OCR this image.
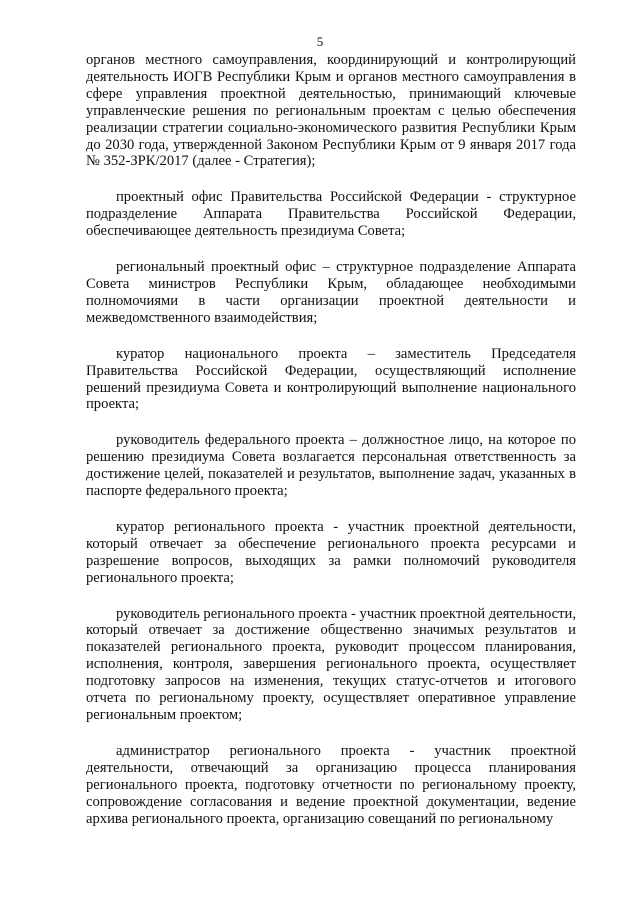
5

органов местного самоуправления, координирующий и контролирующий деятельность ИОГВ Республики Крым и органов местного самоуправления в сфере управления проектной деятельностью, принимающий ключевые управленческие решения по региональным проектам с целью обеспечения реализации стратегии социально-экономического развития Республики Крым до 2030 года, утвержденной Законом Республики Крым от 9 января 2017 года № 352-ЗРК/2017 (далее - Стратегия);

проектный офис Правительства Российской Федерации - структурное подразделение Аппарата Правительства Российской Федерации, обеспечивающее деятельность президиума Совета;

региональный проектный офис – структурное подразделение Аппарата Совета министров Республики Крым, обладающее необходимыми полномочиями в части организации проектной деятельности и межведомственного взаимодействия;

куратор национального проекта – заместитель Председателя Правительства Российской Федерации, осуществляющий исполнение решений президиума Совета и контролирующий выполнение национального проекта;

руководитель федерального проекта – должностное лицо, на которое по решению президиума Совета возлагается персональная ответственность за достижение целей, показателей и результатов, выполнение задач, указанных в паспорте федерального проекта;

куратор регионального проекта - участник проектной деятельности, который отвечает за обеспечение регионального проекта ресурсами и разрешение вопросов, выходящих за рамки полномочий руководителя регионального проекта;

руководитель регионального проекта - участник проектной деятельности, который отвечает за достижение общественно значимых результатов и показателей регионального проекта, руководит процессом планирования, исполнения, контроля, завершения регионального проекта, осуществляет подготовку запросов на изменения, текущих статус-отчетов и итогового отчета по региональному проекту, осуществляет оперативное управление региональным проектом;

администратор регионального проекта - участник проектной деятельности, отвечающий за организацию процесса планирования регионального проекта, подготовку отчетности по региональному проекту, сопровождение согласования и ведение проектной документации, ведение архива регионального проекта, организацию совещаний по региональному
